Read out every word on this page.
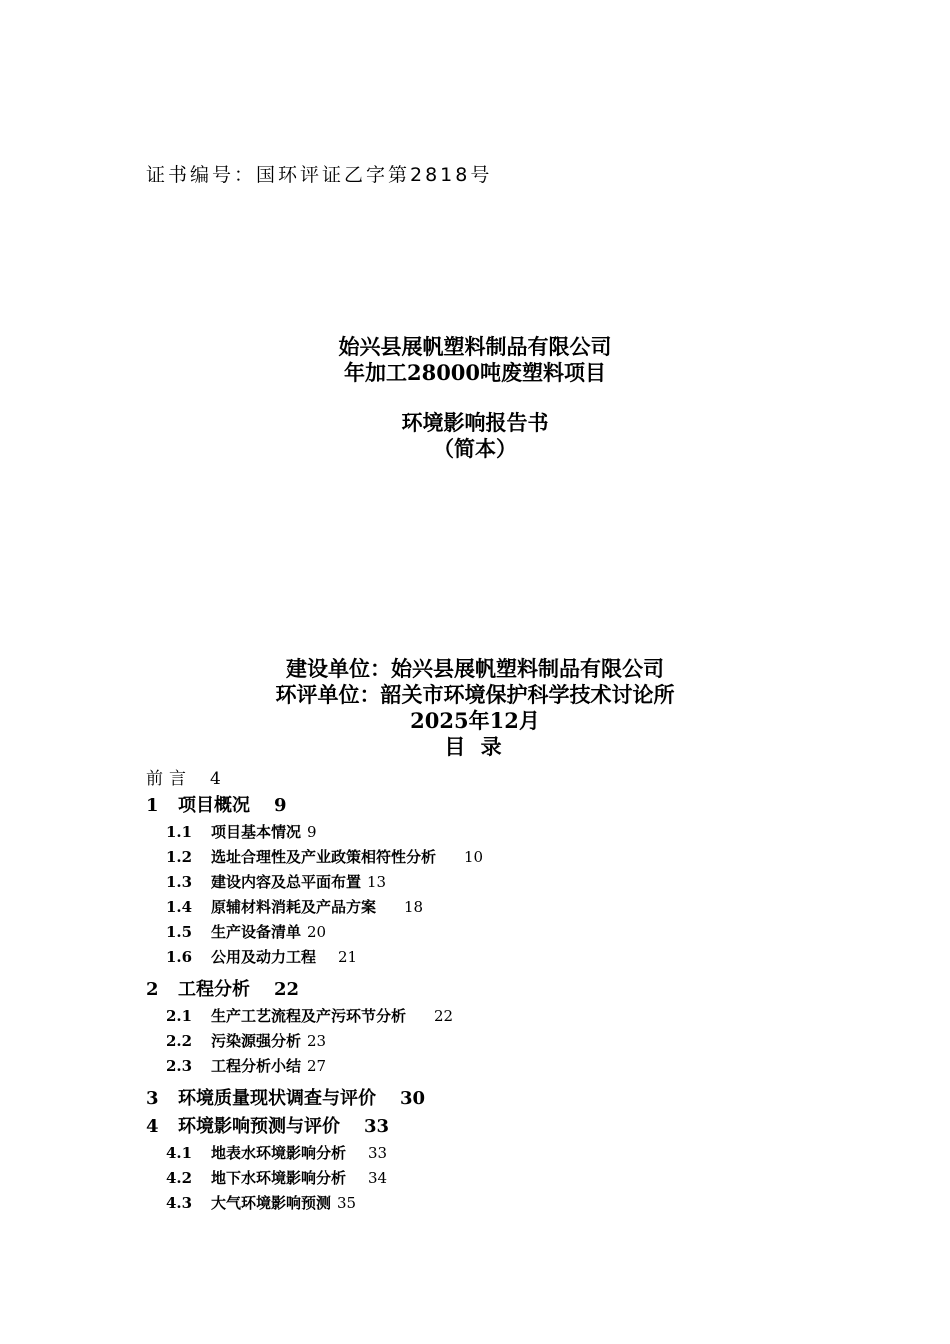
证书编号：国环评证乙字第2818号
始兴县展帆塑料制品有限公司
年加工28000吨废塑料项目
环境影响报告书
（简本）
建设单位：始兴县展帆塑料制品有限公司
环评单位：韶关市环境保护科学技术讨论所
2025年12月
目 录
前言 4
1	项目概况 9
1.1	项目基本情况 9
1.2	选址合理性及产业政策相符性分析 10
1.3	建设内容及总平面布置 13
1.4	原辅材料消耗及产品方案 18
1.5	生产设备清单 20
1.6	公用及动力工程 21
2	工程分析 22
2.1	生产工艺流程及产污环节分析 22
2.2	污染源强分析 23
2.3	工程分析小结 27
3	环境质量现状调查与评价 30
4	环境影响预测与评价 33
4.1	地表水环境影响分析 33
4.2	地下水环境影响分析 34
4.3	大气环境影响预测 35
